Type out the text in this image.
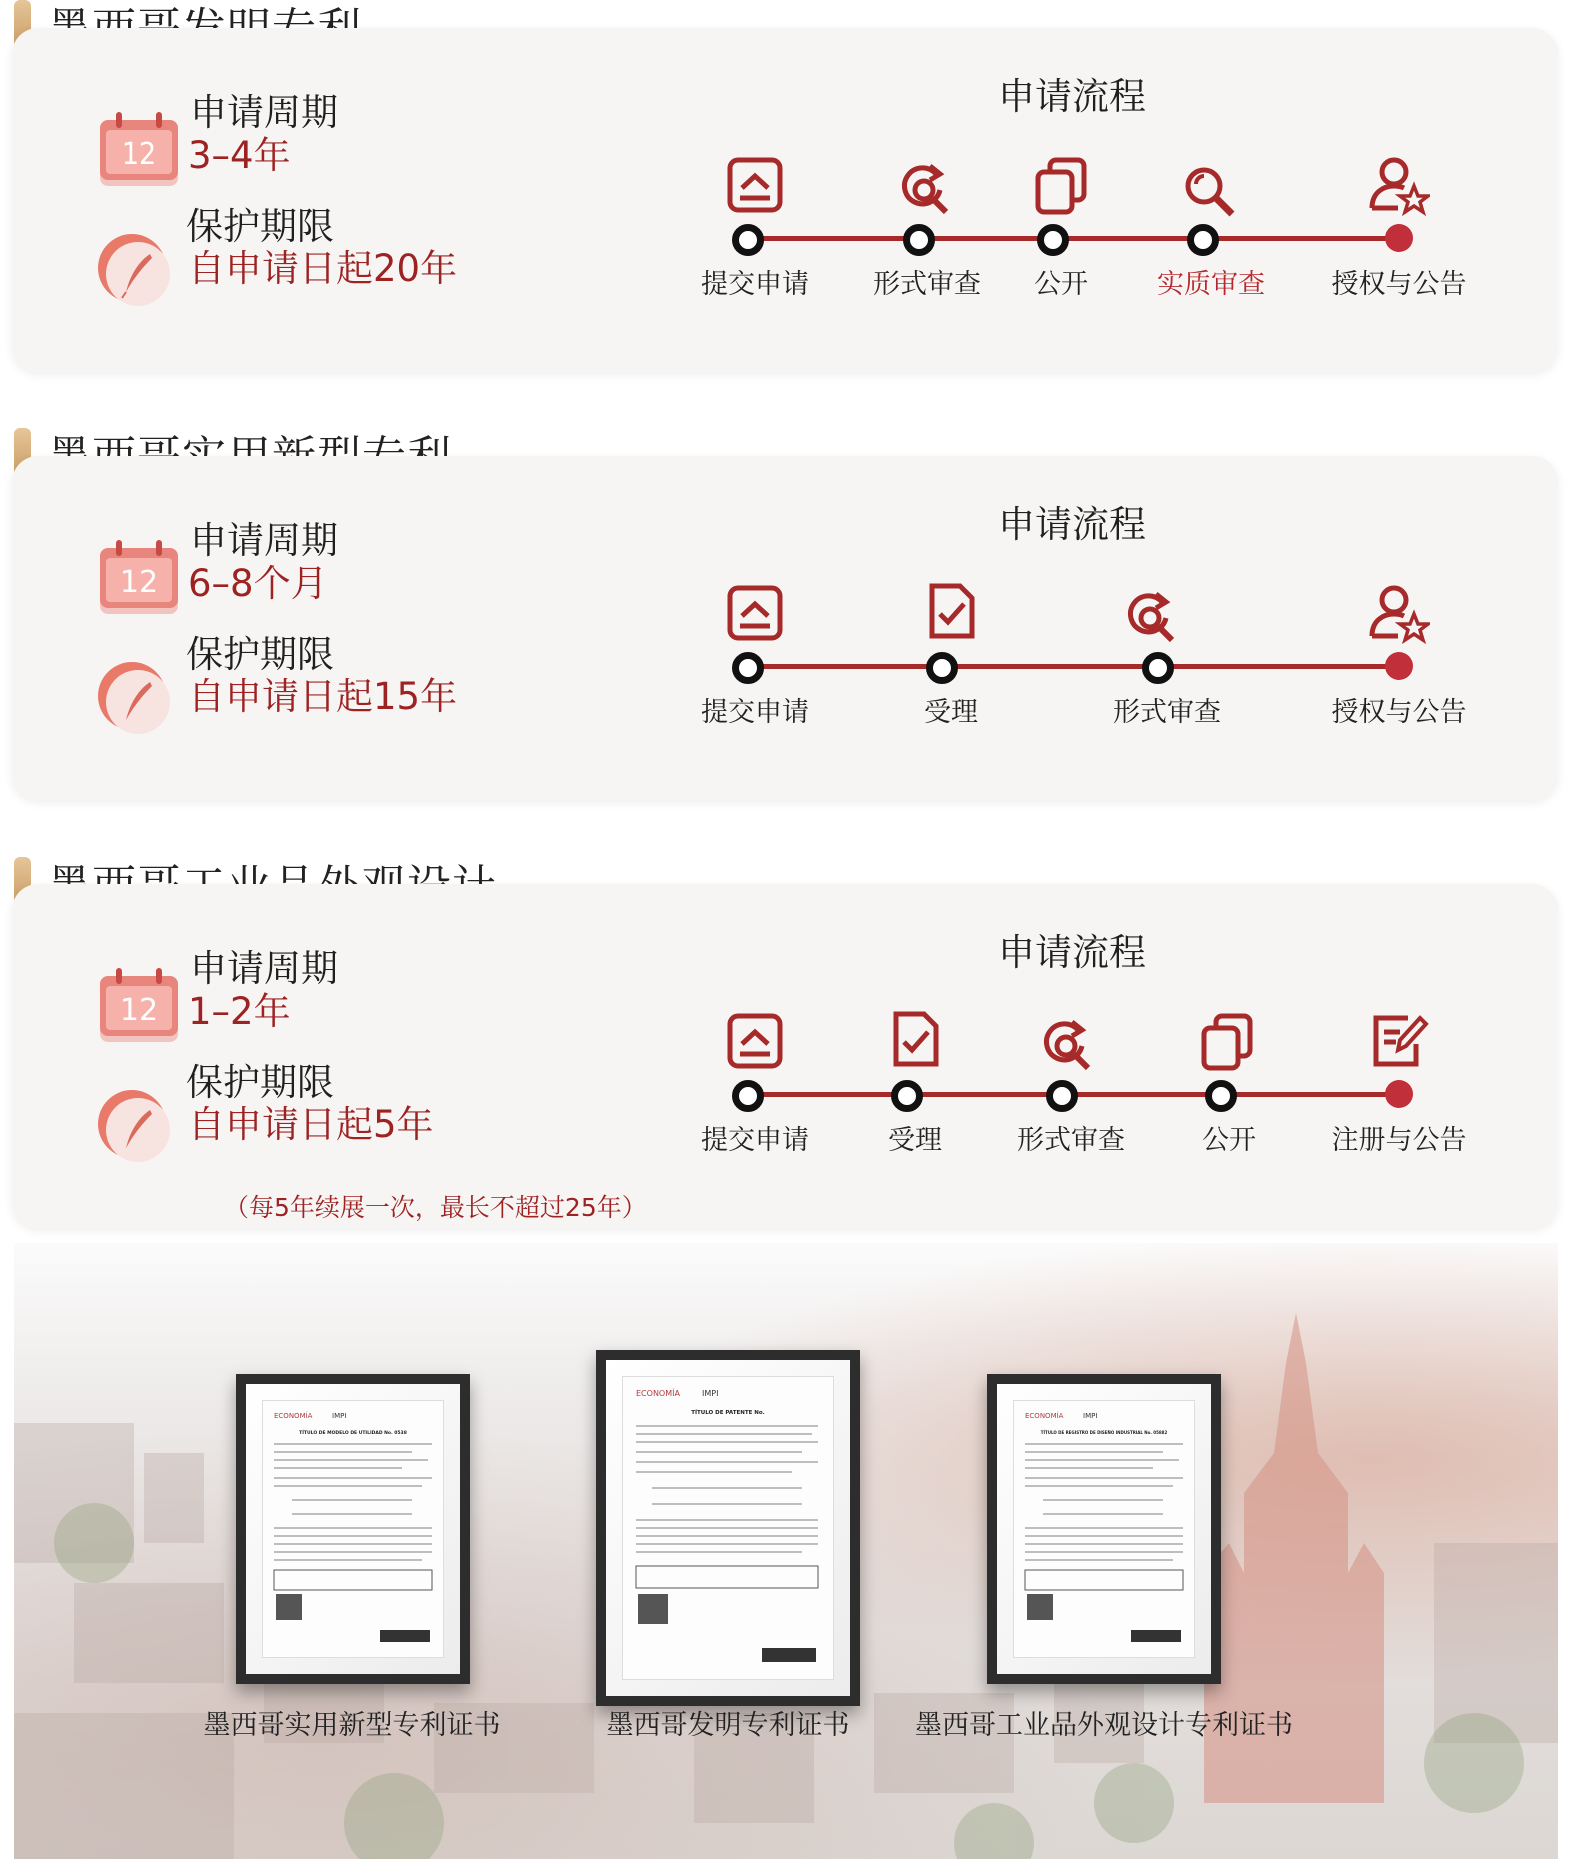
12
申请周期
3–4年
保护期限
自申请日起20年
申请流程
提交申请	形式审查	公开	实质审查	授权与公告
12
申请周期
6–8个月
保护期限
自申请日起15年
申请流程
提交申请	受理	形式审查	授权与公告
12
申请周期
1–2年
保护期限
自申请日起5年
（每5年续展一次，最长不超过25年）
申请流程
提交申请	受理	形式审查	公开	注册与公告
ECONOMÍA	IMPI
TÍTULO DE MODELO DE UTILIDAD No. 0538
墨西哥实用新型专利证书
ECONOMÍA	IMPI
TÍTULO DE PATENTE No.
墨西哥发明专利证书
ECONOMÍA	IMPI
TÍTULO DE REGISTRO DE DISEÑO INDUSTRIAL No. 05882
墨西哥工业品外观设计专利证书
